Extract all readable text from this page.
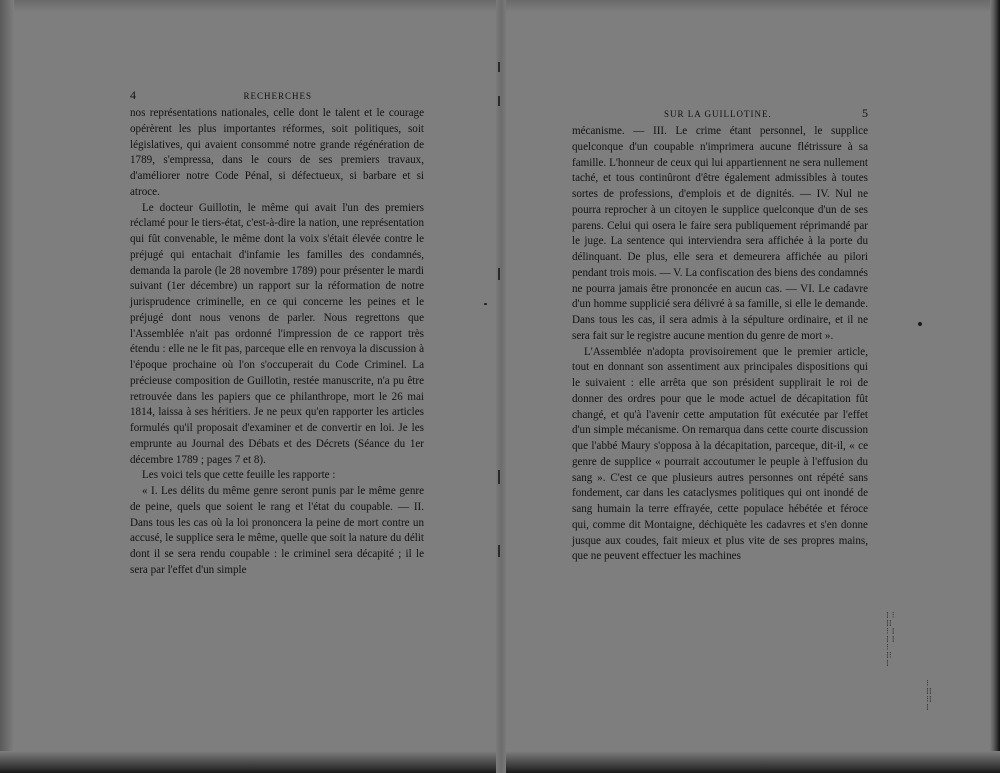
4	RECHERCHES

nos représentations nationales, celle dont le talent et le courage opérèrent les plus importantes réformes, soit politiques, soit législatives, qui avaient consommé notre grande régénération de 1789, s'empressa, dans le cours de ses premiers travaux, d'améliorer notre Code Pénal, si défectueux, si barbare et si atroce.

Le docteur Guillotin, le même qui avait l'un des premiers réclamé pour le tiers-état, c'est-à-dire la nation, une représentation qui fût convenable, le même dont la voix s'était élevée contre le préjugé qui entachait d'infamie les familles des condamnés, demanda la parole (le 28 novembre 1789) pour présenter le mardi suivant (1er décembre) un rapport sur la réformation de notre jurisprudence criminelle, en ce qui concerne les peines et le préjugé dont nous venons de parler. Nous regrettons que l'Assemblée n'ait pas ordonné l'impression de ce rapport très étendu : elle ne le fit pas, parceque elle en renvoya la discussion à l'époque prochaine où l'on s'occuperait du Code Criminel. La précieuse composition de Guillotin, restée manuscrite, n'a pu être retrouvée dans les papiers que ce philanthrope, mort le 26 mai 1814, laissa à ses héritiers. Je ne peux qu'en rapporter les articles formulés qu'il proposait d'examiner et de convertir en loi. Je les emprunte au Journal des Débats et des Décrets (Séance du 1er décembre 1789 ; pages 7 et 8).

Les voici tels que cette feuille les rapporte :

« I. Les délits du même genre seront punis par le même genre de peine, quels que soient le rang et l'état du coupable. — II. Dans tous les cas où la loi prononcera la peine de mort contre un accusé, le supplice sera le même, quelle que soit la nature du délit dont il se sera rendu coupable : le criminel sera décapité ; il le sera par l'effet d'un simple

SUR LA GUILLOTINE.	5

mécanisme. — III. Le crime étant personnel, le supplice quelconque d'un coupable n'imprimera aucune flétrissure à sa famille. L'honneur de ceux qui lui appartiennent ne sera nullement taché, et tous continûront d'être également admissibles à toutes sortes de professions, d'emplois et de dignités. — IV. Nul ne pourra reprocher à un citoyen le supplice quelconque d'un de ses parens. Celui qui osera le faire sera publiquement réprimandé par le juge. La sentence qui interviendra sera affichée à la porte du délinquant. De plus, elle sera et demeurera affichée au pilori pendant trois mois. — V. La confiscation des biens des condamnés ne pourra jamais être prononcée en aucun cas. — VI. Le cadavre d'un homme supplicié sera délivré à sa famille, si elle le demande. Dans tous les cas, il sera admis à la sépulture ordinaire, et il ne sera fait sur le registre aucune mention du genre de mort ».

L'Assemblée n'adopta provisoirement que le premier article, tout en donnant son assentiment aux principales dispositions qui le suivaient : elle arrêta que son président supplirait le roi de donner des ordres pour que le mode actuel de décapitation fût changé, et qu'à l'avenir cette amputation fût exécutée par l'effet d'un simple mécanisme. On remarqua dans cette courte discussion que l'abbé Maury s'opposa à la décapitation, parceque, dit-il, « ce genre de supplice « pourrait accoutumer le peuple à l'effusion du sang ». C'est ce que plusieurs autres personnes ont répété sans fondement, car dans les cataclysmes politiques qui ont inondé de sang humain la terre effrayée, cette populace hébétée et féroce qui, comme dit Montaigne, déchiquète les cadavres et s'en donne jusque aux coudes, fait mieux et plus vite de ses propres mains, que ne peuvent effectuer les machines

⁞ ⁝
⁞⁞
⁝ ⁞
⁞ ⁞
⁝
⁞⁝
⁞
⁝
⁞⁞
⁝⁞
⁞
